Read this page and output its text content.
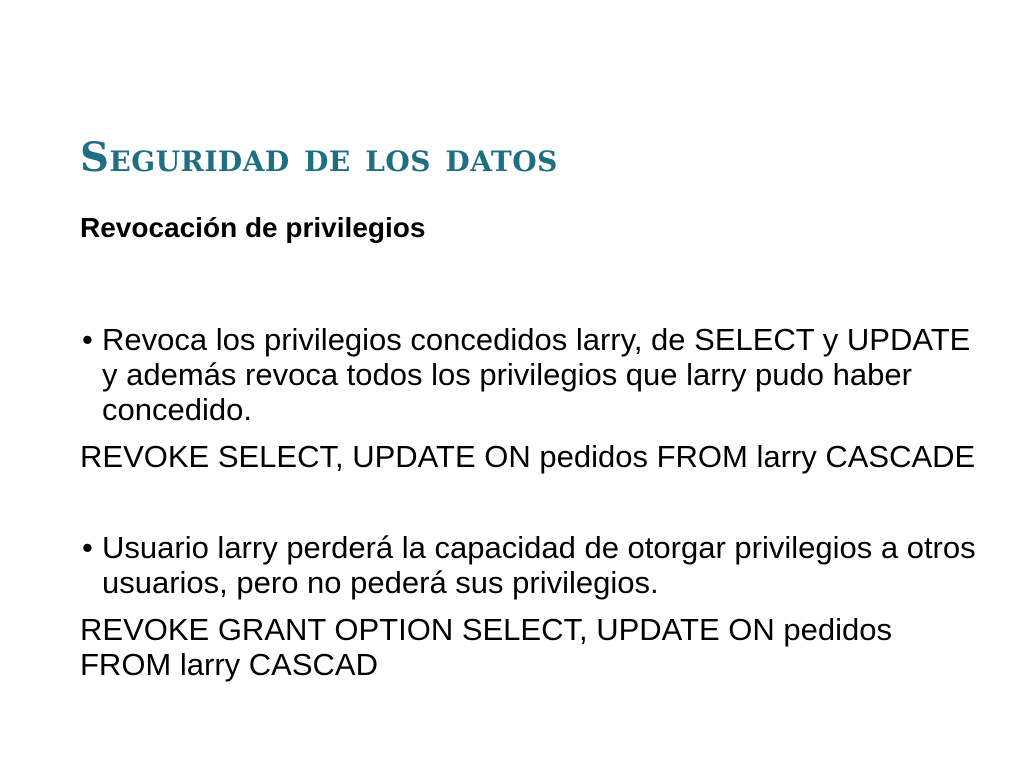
Seguridad de los datos

Revocación de privilegios

• Revoca los privilegios concedidos larry, de SELECT y UPDATE y además revoca todos los privilegios que larry pudo haber concedido.

REVOKE SELECT, UPDATE ON pedidos FROM larry CASCADE

• Usuario larry perderá la capacidad de otorgar privilegios a otros usuarios, pero no pederá sus privilegios.

REVOKE GRANT OPTION SELECT, UPDATE ON pedidos FROM larry CASCAD
